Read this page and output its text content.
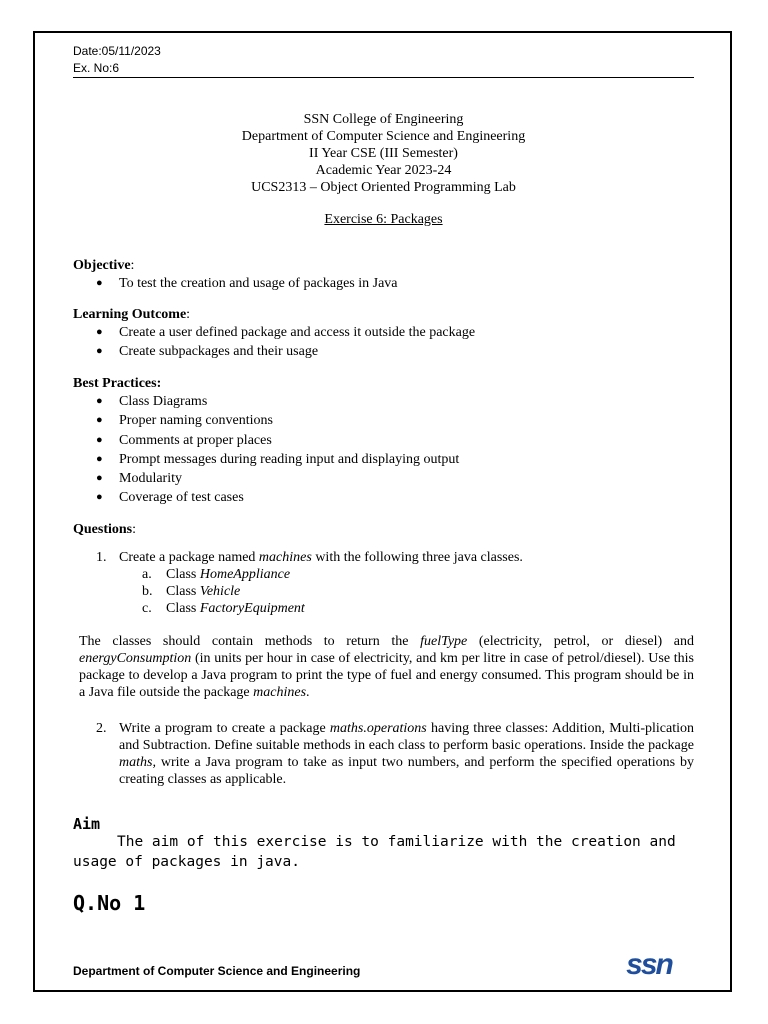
Date:05/11/2023
Ex. No:6
SSN College of Engineering
Department of Computer Science and Engineering
II Year CSE (III Semester)
Academic Year 2023-24
UCS2313 – Object Oriented Programming Lab
Exercise 6: Packages
Objective:
● To test the creation and usage of packages in Java
Learning Outcome:
● Create a user defined package and access it outside the package
● Create subpackages and their usage
Best Practices:
● Class Diagrams
● Proper naming conventions
● Comments at proper places
● Prompt messages during reading input and displaying output
● Modularity
● Coverage of test cases
Questions:
1. Create a package named machines with the following three java classes.
a. Class HomeAppliance
b. Class Vehicle
c. Class FactoryEquipment
The classes should contain methods to return the fuelType (electricity, petrol, or diesel) and energyConsumption (in units per hour in case of electricity, and km per litre in case of petrol/diesel). Use this package to develop a Java program to print the type of fuel and energy consumed. This program should be in a Java file outside the package machines.
2. Write a program to create a package maths.operations having three classes: Addition, Multi-plication and Subtraction. Define suitable methods in each class to perform basic operations. Inside the package maths, write a Java program to take as input two numbers, and perform the specified operations by creating classes as applicable.
Aim
The aim of this exercise is to familiarize with the creation and usage of packages in java.
Q.No 1
Department of Computer Science and Engineering	ssn
